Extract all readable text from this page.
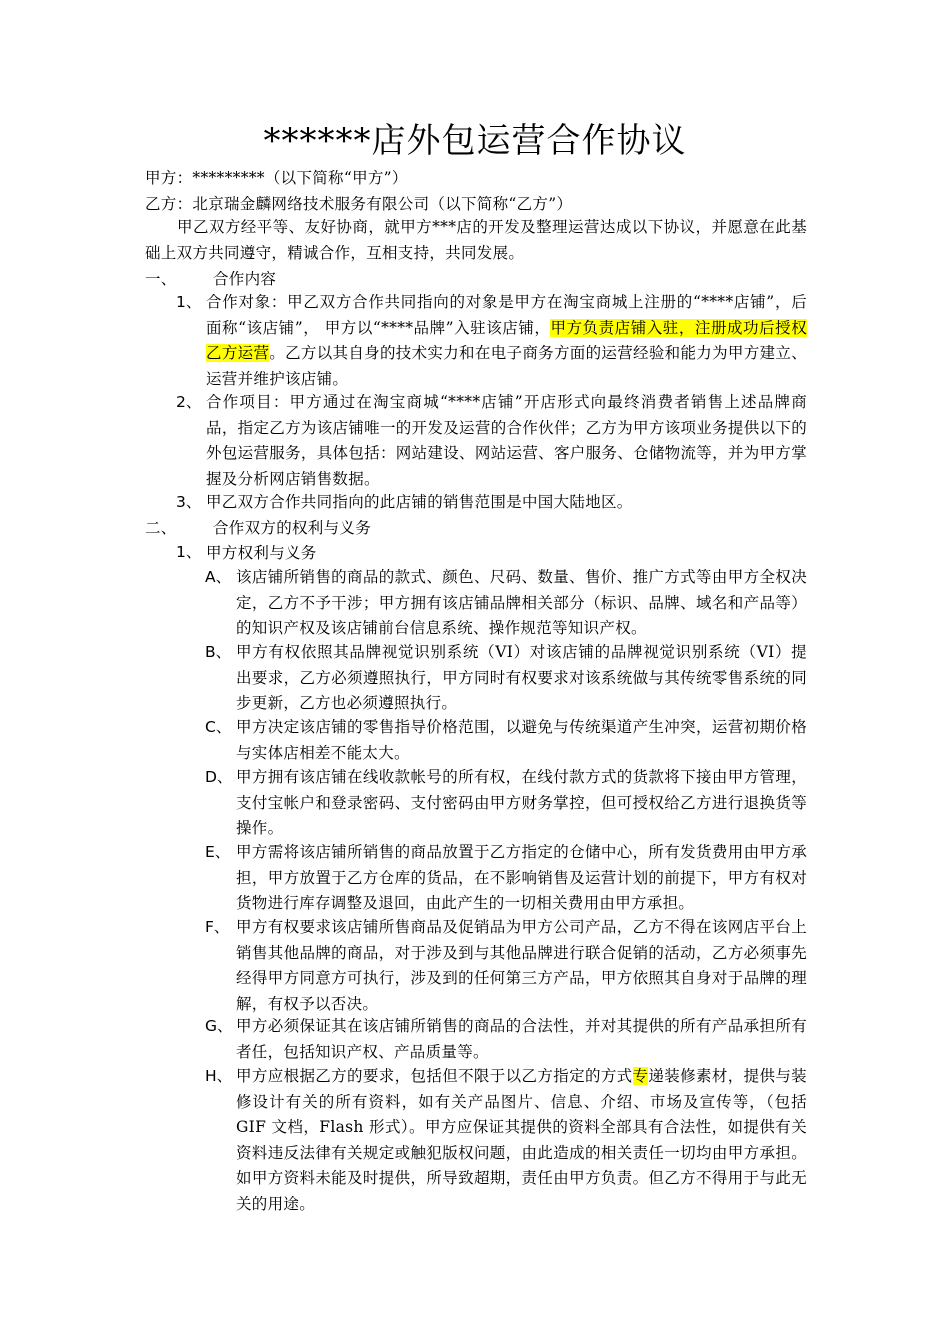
******店外包运营合作协议
甲方：*********（以下简称“甲方”）
乙方：北京瑞金麟网络技术服务有限公司（以下简称“乙方”）
甲乙双方经平等、友好协商，就甲方***店的开发及整理运营达成以下协议，并愿意在此基础上双方共同遵守，精诚合作，互相支持，共同发展。
一、 合作内容
1、 合作对象：甲乙双方合作共同指向的对象是甲方在淘宝商城上注册的“****店铺”，后面称“该店铺”， 甲方以“****品牌”入驻该店铺，甲方负责店铺入驻，注册成功后授权乙方运营。乙方以其自身的技术实力和在电子商务方面的运营经验和能力为甲方建立、运营并维护该店铺。
2、 合作项目：甲方通过在淘宝商城“****店铺”开店形式向最终消费者销售上述品牌商品，指定乙方为该店铺唯一的开发及运营的合作伙伴；乙方为甲方该项业务提供以下的外包运营服务，具体包括：网站建设、网站运营、客户服务、仓储物流等，并为甲方掌握及分析网店销售数据。
3、 甲乙双方合作共同指向的此店铺的销售范围是中国大陆地区。
二、 合作双方的权利与义务
1、 甲方权利与义务
A、 该店铺所销售的商品的款式、颜色、尺码、数量、售价、推广方式等由甲方全权决定，乙方不予干涉；甲方拥有该店铺品牌相关部分（标识、品牌、域名和产品等）的知识产权及该店铺前台信息系统、操作规范等知识产权。
B、 甲方有权依照其品牌视觉识别系统（VI）对该店铺的品牌视觉识别系统（VI）提出要求，乙方必须遵照执行，甲方同时有权要求对该系统做与其传统零售系统的同步更新，乙方也必须遵照执行。
C、 甲方决定该店铺的零售指导价格范围，以避免与传统渠道产生冲突，运营初期价格与实体店相差不能太大。
D、 甲方拥有该店铺在线收款帐号的所有权，在线付款方式的货款将下接由甲方管理，支付宝帐户和登录密码、支付密码由甲方财务掌控，但可授权给乙方进行退换货等操作。
E、 甲方需将该店铺所销售的商品放置于乙方指定的仓储中心，所有发货费用由甲方承担，甲方放置于乙方仓库的货品，在不影响销售及运营计划的前提下，甲方有权对货物进行库存调整及退回，由此产生的一切相关费用由甲方承担。
F、 甲方有权要求该店铺所售商品及促销品为甲方公司产品，乙方不得在该网店平台上销售其他品牌的商品，对于涉及到与其他品牌进行联合促销的活动，乙方必须事先经得甲方同意方可执行，涉及到的任何第三方产品，甲方依照其自身对于品牌的理解，有权予以否决。
G、 甲方必须保证其在该店铺所销售的商品的合法性，并对其提供的所有产品承担所有者任，包括知识产权、产品质量等。
H、 甲方应根据乙方的要求，包括但不限于以乙方指定的方式专递装修素材，提供与装修设计有关的所有资料，如有关产品图片、信息、介绍、市场及宣传等，（包括 GIF 文档，Flash 形式）。甲方应保证其提供的资料全部具有合法性，如提供有关资料违反法律有关规定或触犯版权问题，由此造成的相关责任一切均由甲方承担。如甲方资料未能及时提供，所导致超期，责任由甲方负责。但乙方不得用于与此无关的用途。
